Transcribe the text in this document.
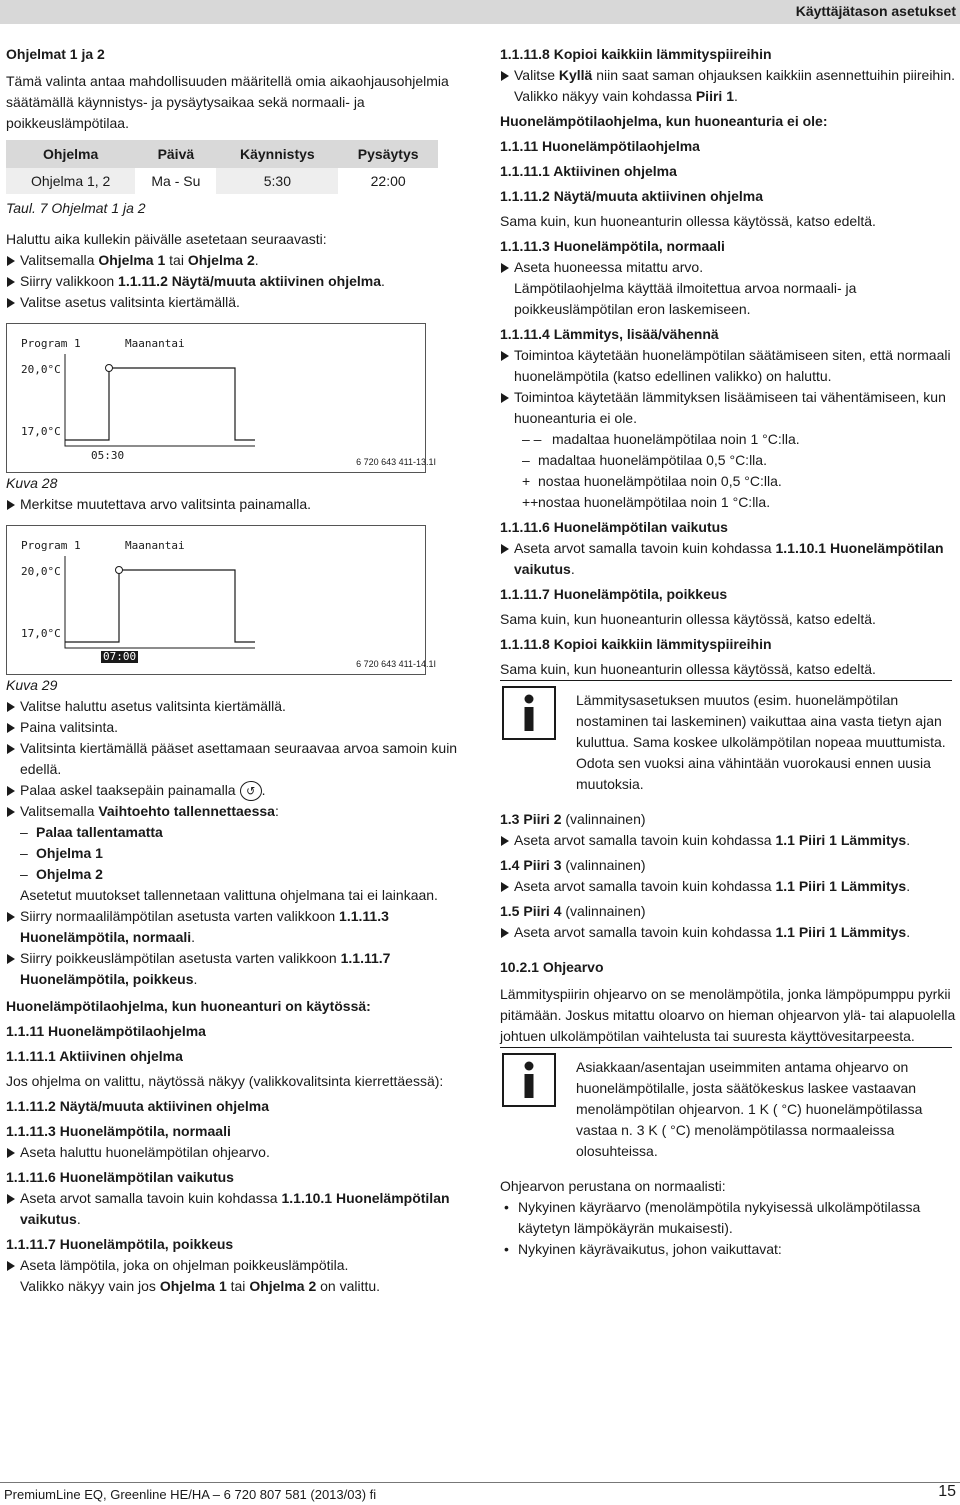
Käyttäjätason asetukset

Ohjelmat 1 ja 2

Tämä valinta antaa mahdollisuuden määritellä omia aikaohjausohjelmia säätämällä käynnistys- ja pysäytysaikaa sekä normaali- ja poikkeuslämpötilaa.

Ohjelma	Päivä	Käynnistys	Pysäytys
Ohjelma 1, 2	Ma - Su	5:30	22:00

Taul. 7 Ohjelmat 1 ja 2

Haluttu aika kullekin päivälle asetetaan seuraavasti:

Valitsemalla Ohjelma 1 tai Ohjelma 2.

Siirry valikkoon 1.1.11.2 Näytä/muuta aktiivinen ohjelma.

Valitse asetus valitsinta kiertämällä.

Program 1	Maanantai
20,0°C
17,0°C
05:30	6 720 643 411-13.1I

Kuva 28

Merkitse muutettava arvo valitsinta painamalla.

Program 1	Maanantai
20,0°C
17,0°C
07:00
6 720 643 411-14.1I

Kuva 29

Valitse haluttu asetus valitsinta kiertämällä.

Paina valitsinta.

Valitsinta kiertämällä pääset asettamaan seuraavaa arvoa samoin kuin edellä.

Palaa askel taaksepäin painamalla ↺ .

Valitsemalla Vaihtoehto tallennettaessa:

– Palaa tallentamatta

– Ohjelma 1

– Ohjelma 2

Asetetut muutokset tallennetaan valittuna ohjelmana tai ei lainkaan.

Siirry normaalilämpötilan asetusta varten valikkoon 1.1.11.3 Huonelämpötila, normaali.

Siirry poikkeuslämpötilan asetusta varten valikkoon 1.1.11.7 Huonelämpötila, poikkeus.

Huonelämpötilaohjelma, kun huoneanturi on käytössä:

1.1.11 Huonelämpötilaohjelma

1.1.11.1 Aktiivinen ohjelma

Jos ohjelma on valittu, näytössä näkyy (valikkovalitsinta kierrettäessä):

1.1.11.2 Näytä/muuta aktiivinen ohjelma

1.1.11.3 Huonelämpötila, normaali

Aseta haluttu huonelämpötilan ohjearvo.

1.1.11.6 Huonelämpötilan vaikutus

Aseta arvot samalla tavoin kuin kohdassa 1.1.10.1 Huonelämpötilan vaikutus.

1.1.11.7 Huonelämpötila, poikkeus

Aseta lämpötila, joka on ohjelman poikkeuslämpötila.

Valikko näkyy vain jos Ohjelma 1 tai Ohjelma 2 on valittu.

1.1.11.8 Kopioi kaikkiin lämmityspiireihin

Valitse Kyllä niin saat saman ohjauksen kaikkiin asennettuihin piireihin.

Valikko näkyy vain kohdassa Piiri 1.

Huonelämpötilaohjelma, kun huoneanturia ei ole:

1.1.11 Huonelämpötilaohjelma

1.1.11.1 Aktiivinen ohjelma

1.1.11.2 Näytä/muuta aktiivinen ohjelma

Sama kuin, kun huoneanturin ollessa käytössä, katso edeltä.

1.1.11.3 Huonelämpötila, normaali

Aseta huoneessa mitattu arvo.

Lämpötilaohjelma käyttää ilmoitettua arvoa normaali- ja poikkeuslämpötilan eron laskemiseen.

1.1.11.4 Lämmitys, lisää/vähennä

Toimintoa käytetään huonelämpötilan säätämiseen siten, että normaali huonelämpötila (katso edellinen valikko) on haluttu.

Toimintoa käytetään lämmityksen lisäämiseen tai vähentämiseen, kun huoneanturia ei ole.

– – madaltaa huonelämpötilaa noin 1 °C:lla.

– madaltaa huonelämpötilaa 0,5 °C:lla.

+ nostaa huonelämpötilaa noin 0,5 °C:lla.

++ nostaa huonelämpötilaa noin 1 °C:lla.

1.1.11.6 Huonelämpötilan vaikutus

Aseta arvot samalla tavoin kuin kohdassa 1.1.10.1 Huonelämpötilan vaikutus.

1.1.11.7 Huonelämpötila, poikkeus

Sama kuin, kun huoneanturin ollessa käytössä, katso edeltä.

1.1.11.8 Kopioi kaikkiin lämmityspiireihin

Sama kuin, kun huoneanturin ollessa käytössä, katso edeltä.

Lämmitysasetuksen muutos (esim. huonelämpötilan nostaminen tai laskeminen) vaikuttaa aina vasta tietyn ajan kuluttua. Sama koskee ulkolämpötilan nopeaa muuttumista. Odota sen vuoksi aina vähintään vuorokausi ennen uusia muutoksia.

1.3 Piiri 2 (valinnainen)

Aseta arvot samalla tavoin kuin kohdassa 1.1 Piiri 1 Lämmitys.

1.4 Piiri 3 (valinnainen)

Aseta arvot samalla tavoin kuin kohdassa 1.1 Piiri 1 Lämmitys.

1.5 Piiri 4 (valinnainen)

Aseta arvot samalla tavoin kuin kohdassa 1.1 Piiri 1 Lämmitys.

10.2.1 Ohjearvo

Lämmityspiirin ohjearvo on se menolämpötila, jonka lämpöpumppu pyrkii pitämään. Joskus mitattu oloarvo on hieman ohjearvon ylä- tai alapuolella johtuen ulkolämpötilan vaihtelusta tai suuresta käyttövesitarpeesta.

Asiakkaan/asentajan useimmiten antama ohjearvo on huonelämpötilalle, josta säätökeskus laskee vastaavan menolämpötilan ohjearvon. 1 K ( °C) huonelämpötilassa vastaa n. 3 K ( °C) menolämpötilassa normaaleissa olosuhteissa.

Ohjearvon perustana on normaalisti:

• Nykyinen käyräarvo (menolämpötila nykyisessä ulkolämpötilassa käytetyn lämpökäyrän mukaisesti).

• Nykyinen käyrävaikutus, johon vaikuttavat:

PremiumLine EQ, Greenline HE/HA – 6 720 807 581 (2013/03) fi	15
